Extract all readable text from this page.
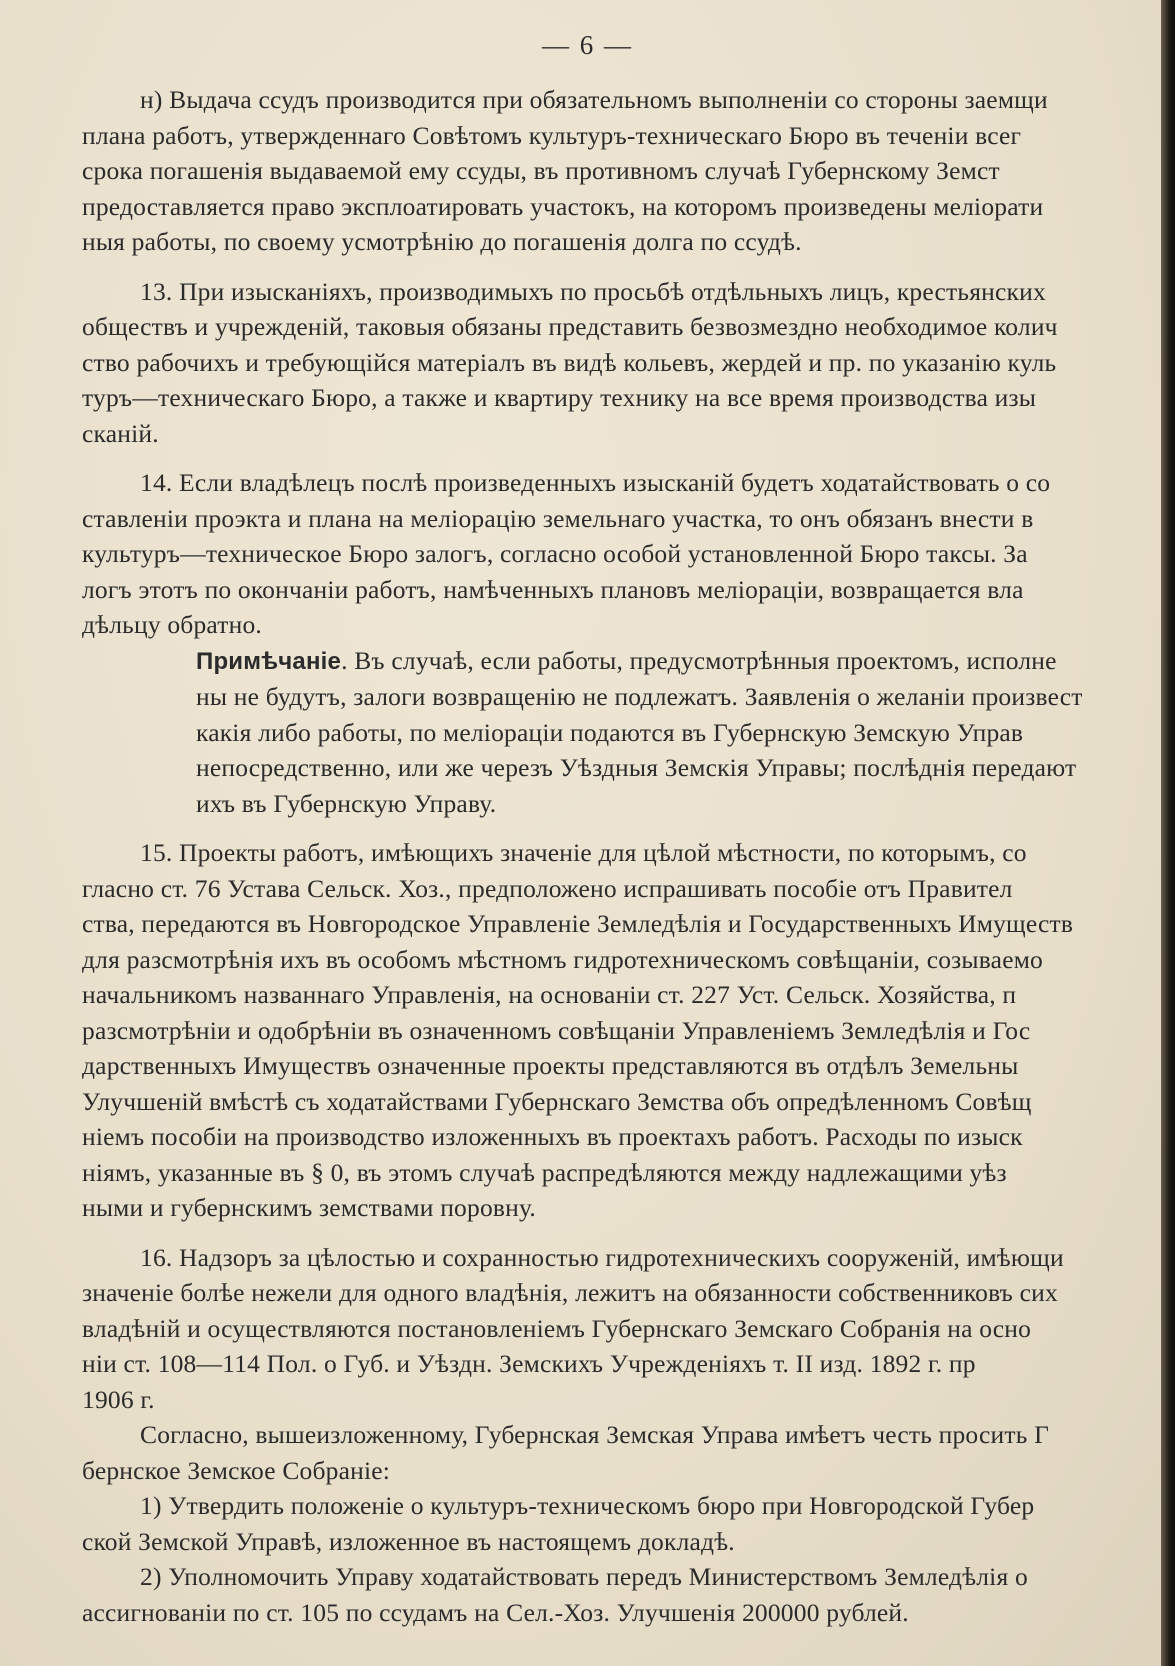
— 6 —

н) Выдача ссудъ производится при обязательномъ выполненіи со стороны заемщи
плана работъ, утвержденнаго Совѣтомъ культуръ-техническаго Бюро въ теченіи всег
срока погашенія выдаваемой ему ссуды, въ противномъ случаѣ Губернскому Земст
предоставляется право эксплоатировать участокъ, на которомъ произведены мелioрати
ныя работы, по своему усмотрѣнію до погашенія долга по ссудѣ.

13. При изысканіяхъ, производимыхъ по просьбѣ отдѣльныхъ лицъ, крестьянских
обществъ и учрежденій, таковыя обязаны представить безвозмездно необходимое колич
ство рабочихъ и требующійся матеріалъ въ видѣ кольевъ, жердей и пр. по указанію куль
туръ—техническаго Бюро, а также и квартиру технику на все время производства изы
сканій.

14. Если владѣлецъ послѣ произведенныхъ изысканій будетъ ходатайствовать о со
ставленіи проэкта и плана на меліорацію земельнаго участка, то онъ обязанъ внести в
культуръ—техническое Бюро залогъ, согласно особой установленной Бюро таксы. За
логъ этотъ по окончаніи работъ, намѣченныхъ плановъ меліораціи, возвращается вла
дѣльцу обратно.

Примѣчаніе. Въ случаѣ, если работы, предусмотрѣнныя проектомъ, исполне
ны не будутъ, залоги возвращенію не подлежатъ. Заявленія о желаніи произвест
какія либо работы, по меліораціи подаются въ Губернскую Земскую Управ
непосредственно, или же черезъ Уѣздныя Земскія Управы; послѣднія передают
ихъ въ Губернскую Управу.

15. Проекты работъ, имѣющихъ значеніе для цѣлой мѣстности, по которымъ, со
гласно ст. 76 Устава Сельск. Хоз., предположено испрашивать пособіе отъ Правител
ства, передаются въ Новгородское Управленіе Земледѣлія и Государственныхъ Имуществ
для разсмотрѣнія ихъ въ особомъ мѣстномъ гидротехническомъ совѣщаніи, созываемо
начальникомъ названнаго Управленія, на основаніи ст. 227 Уст. Сельск. Хозяйства, п
разсмотрѣніи и одобрѣніи въ означенномъ совѣщаніи Управленіемъ Земледѣлія и Гос
дарственныхъ Имуществъ означенные проекты представляются въ отдѣлъ Земельны
Улучшеній вмѣстѣ съ ходатайствами Губернскаго Земства объ опредѣленномъ Совѣщ
ніемъ пособіи на производство изложенныхъ въ проектахъ работъ. Расходы по изыск
ніямъ, указанные въ § 0, въ этомъ случаѣ распредѣляются между надлежащими уѣз
ными и губернскимъ земствами поровну.

16. Надзоръ за цѣлостью и сохранностью гидротехническихъ сооруженій, имѣющи
значеніе болѣе нежели для одного владѣнія, лежитъ на обязанности собственниковъ сих
владѣній и осуществляются постановленіемъ Губернскаго Земскаго Собранія на осно
ніи ст. 108—114 Пол. о Губ. и Уѣздн. Земскихъ Учрежденіяхъ т. II изд. 1892 г. пр
1906 г.

Согласно, вышеизложенному, Губернская Земская Управа имѣетъ честь просить Г
бернское Земское Собраніе:

1) Утвердить положеніе о культуръ-техническомъ бюро при Новгородской Губер
ской Земской Управѣ, изложенное въ настоящемъ докладѣ.

2) Уполномочить Управу ходатайствовать передъ Министерствомъ Земледѣлія о
ассигнованіи по ст. 105 по ссудамъ на Сел.-Хоз. Улучшенія 200000 рублей.
